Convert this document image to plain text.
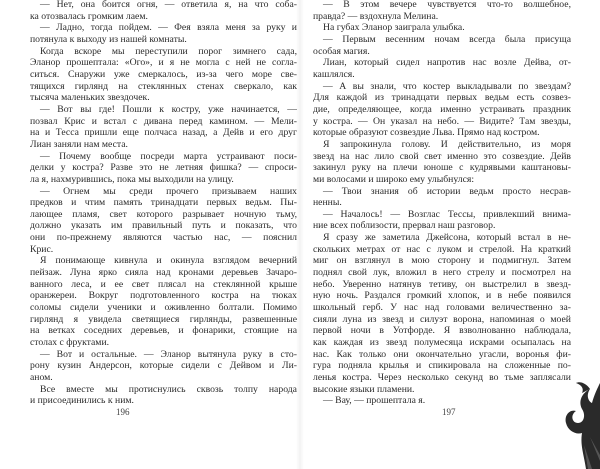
— Нет, она боится огня, — ответила я, на что соба-
ка отозвалась громким лаем.
— Ладно, тогда пойдем. — Фея взяла меня за руку и
потянула к выходу из нашей комнаты.
Когда вскоре мы переступили порог зимнего сада,
Эланор прошептала: «Ого», и я не могла с ней не согла-
ситься. Снаружи уже смеркалось, из-за чего море све-
тящихся гирлянд на стеклянных стенах сверкало, как
тысяча маленьких звездочек.
— Вот вы где! Пошли к костру, уже начинается, —
позвал Крис и встал с дивана перед камином. — Мели-
на и Тесса пришли еще полчаса назад, а Дейв и его друг
Лиан заняли нам места.
— Почему вообще посреди марта устраивают поси-
делки у костра? Разве это не летняя фишка? — спроси-
ла я, нахмурившись, пока мы выходили на улицу.
— Огнем мы среди прочего призываем наших
предков и чтим память тринадцати первых ведьм. Пы-
лающее пламя, свет которого разрывает ночную тьму,
должно указать им правильный путь и показать, что
они по-прежнему являются частью нас, — пояснил
Крис.
Я понимающе кивнула и окинула взглядом вечерний
пейзаж. Луна ярко сияла над кронами деревьев Зачаро-
ванного леса, и ее свет плясал на стеклянной крыше
оранжереи. Вокруг подготовленного костра на тюках
соломы сидели ученики и оживленно болтали. Помимо
гирлянд я увидела светящиеся гирлянды, развешенные
на ветках соседних деревьев, и фонарики, стоящие на
столах с фруктами.
— Вот и остальные. — Эланор вытянула руку в сто-
рону кузин Андерсон, которые сидели с Дейвом и Ли-
аном.
Все вместе мы протиснулись сквозь толпу народа
и присоединились к ним.
196
— В этом вечере чувствуется что-то волшебное,
правда? — вздохнула Мелина.
На губах Эланор заиграла улыбка.
— Первым весенним ночам всегда была присуща
особая магия.
Лиан, который сидел напротив нас возле Дейва, от-
кашлялся.
— А вы знали, что костер выкладывали по звездам?
Для каждой из тринадцати первых ведьм есть созвез-
дие, определяющее, когда именно устраивать праздник
у костра. — Он указал на небо. — Видите? Там звезды,
которые образуют созвездие Льва. Прямо над костром.
Я запрокинула голову. И действительно, из моря
звезд на нас лило свой свет именно это созвездие. Дейв
закинул руку на плечи юноше с кудрявыми каштановы-
ми волосами и широко ему улыбнулся:
— Твои знания об истории ведьм просто несрав-
ненны.
— Началось! — Возглас Тессы, привлекший внима-
ние всех поблизости, прервал наш разговор.
Я сразу же заметила Джейсона, который встал в не-
скольких метрах от нас с луком и стрелой. На краткий
миг он взглянул в мою сторону и подмигнул. Затем
поднял свой лук, вложил в него стрелу и посмотрел на
небо. Уверенно натянув тетиву, он выстрелил в звезд-
ную ночь. Раздался громкий хлопок, и в небе появился
школьный герб. У нас над головами величественно за-
сияли луна из звезд и силуэт ворона, напоминая о моей
первой ночи в Уотфорде. Я взволнованно наблюдала,
как каждая из звезд полумесяца искрами осыпалась на
нас. Как только они окончательно угасли, воронья фи-
гура подняла крылья и спикировала на сложенные по-
ленья костра. Через несколько секунд во тьме заплясали
высокие языки пламени.
— Вау, — прошептала я.
197
